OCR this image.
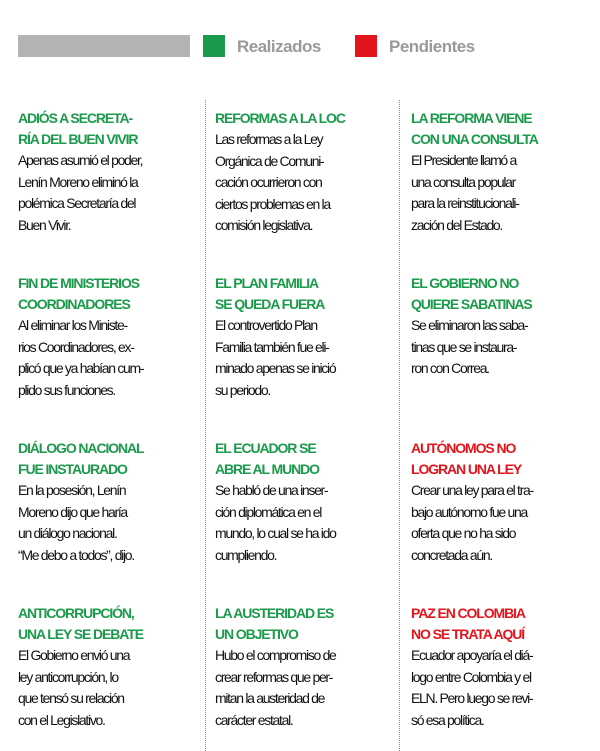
Realizados	Pendientes

ADIÓS A SECRETA-
RÍA DEL BUEN VIVIR

Apenas asumió el poder,
Lenín Moreno eliminó la
polémica Secretaría del
Buen Vivir.

FIN DE MINISTERIOS
COORDINADORES

Al eliminar los Ministe-
rios Coordinadores, ex-
plicó que ya habían cum-
plido sus funciones.

DIÁLOGO NACIONAL
FUE INSTAURADO

En la posesión, Lenín
Moreno dijo que haría
un diálogo nacional.
“Me debo a todos”, dijo.

ANTICORRUPCIÓN,
UNA LEY SE DEBATE

El Gobierno envió una
ley anticorrupción, lo
que tensó su relación
con el Legislativo.

REFORMAS A LA LOC

Las reformas a la Ley
Orgánica de Comuni-
cación ocurrieron con
ciertos problemas en la
comisión legislativa.

EL PLAN FAMILIA
SE QUEDA FUERA

El controvertido Plan
Familia también fue eli-
minado apenas se inició
su periodo.

EL ECUADOR SE
ABRE AL MUNDO

Se habló de una inser-
ción diplomática en el
mundo, lo cual se ha ido
cumpliendo.

LA AUSTERIDAD ES
UN OBJETIVO

Hubo el compromiso de
crear reformas que per-
mitan la austeridad de
carácter estatal.

LA REFORMA VIENE
CON UNA CONSULTA

El Presidente llamó a
una consulta popular
para la reinstitucionali-
zación del Estado.

EL GOBIERNO NO
QUIERE SABATINAS

Se eliminaron las saba-
tinas que se instaura-
ron con Correa.

AUTÓNOMOS NO
LOGRAN UNA LEY

Crear una ley para el tra-
bajo autónomo fue una
oferta que no ha sido
concretada aún.

PAZ EN COLOMBIA
NO SE TRATA AQUÍ

Ecuador apoyaría el diá-
logo entre Colombia y el
ELN. Pero luego se revi-
só esa política.
